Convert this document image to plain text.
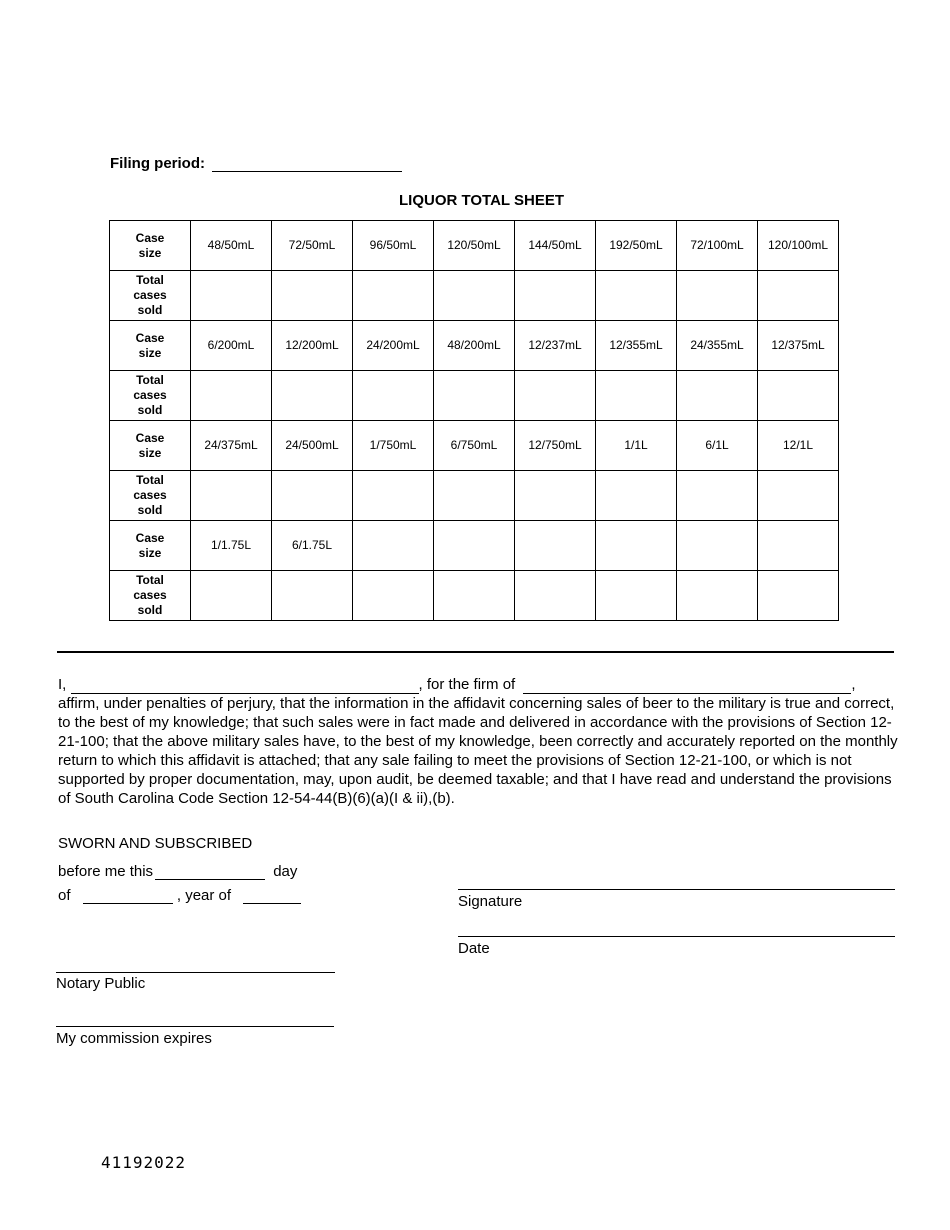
Filing period:
LIQUOR TOTAL SHEET
Case
size	48/50mL	72/50mL	96/50mL	120/50mL	144/50mL	192/50mL	72/100mL	120/100mL

Total
cases
sold								

Case
size	6/200mL	12/200mL	24/200mL	48/200mL	12/237mL	12/355mL	24/355mL	12/375mL

Total
cases
sold								

Case
size	24/375mL	24/500mL	1/750mL	6/750mL	12/750mL	1/1L	6/1L	12/1L

Total
cases
sold								

Case
size	1/1.75L	6/1.75L						

Total
cases
sold								

I,	, for the firm of	,

affirm, under penalties of perjury, that the information in the affidavit concerning sales of beer to the military is true and correct, to the best of my knowledge; that such sales were in fact made and delivered in accordance with the provisions of Section 12-21-100; that the above military sales have, to the best of my knowledge, been correctly and accurately reported on the monthly return to which this affidavit is attached; that any sale failing to meet the provisions of Section 12-21-100, or which is not supported by proper documentation, may, upon audit, be deemed taxable; and that I have read and understand the provisions of South Carolina Code Section 12-54-44(B)(6)(a)(I & ii),(b).

SWORN AND SUBSCRIBED
before me this	day
of	, year of	Signature
Date
Notary Public
My commission expires
41192022
